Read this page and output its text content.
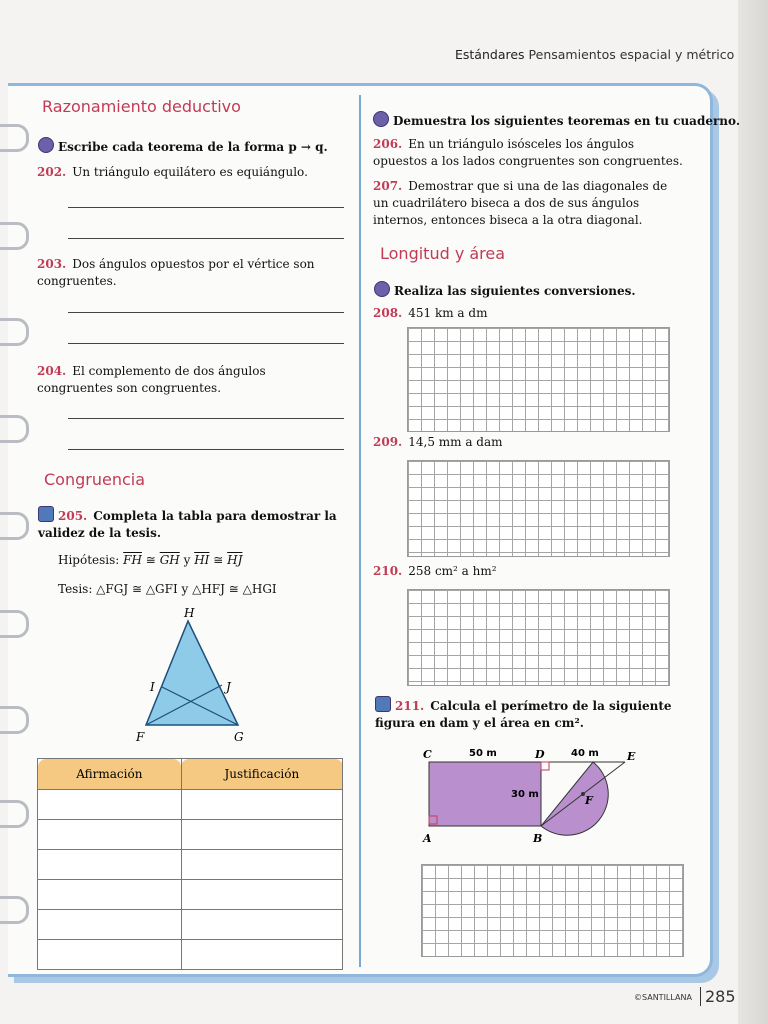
Estándares Pensamientos espacial y métrico
Razonamiento deductivo
Escribe cada teorema de la forma p → q.
202. Un triángulo equilátero es equiángulo.
203. Dos ángulos opuestos por el vértice son congruentes.
204. El complemento de dos ángulos congruentes son congruentes.
Congruencia
205. Completa la tabla para demostrar la validez de la tesis.
Hipótesis: $\overline{FH}$ ≅ $\overline{GH}$ y $\overline{HI}$ ≅ $\overline{HJ}$
Tesis: △FGJ ≅ △GFI y △HFJ ≅ △HGI
H
I	J
F	G
Afirmación	Justificación

Demuestra los siguientes teoremas en tu cuaderno.
206. En un triángulo isósceles los ángulos opuestos a los lados congruentes son congruentes.
207. Demostrar que si una de las diagonales de un cuadrilátero biseca a dos de sus ángulos internos, entonces biseca a la otra diagonal.
Longitud y área
Realiza las siguientes conversiones.
208. 451 km a dm
209. 14,5 mm a dam
210. 258 cm² a hm²
211. Calcula el perímetro de la siguiente figura en dam y el área en cm².
C	D	E
A	B
F
50 m	40 m
30 m
©SANTILLANA 285
